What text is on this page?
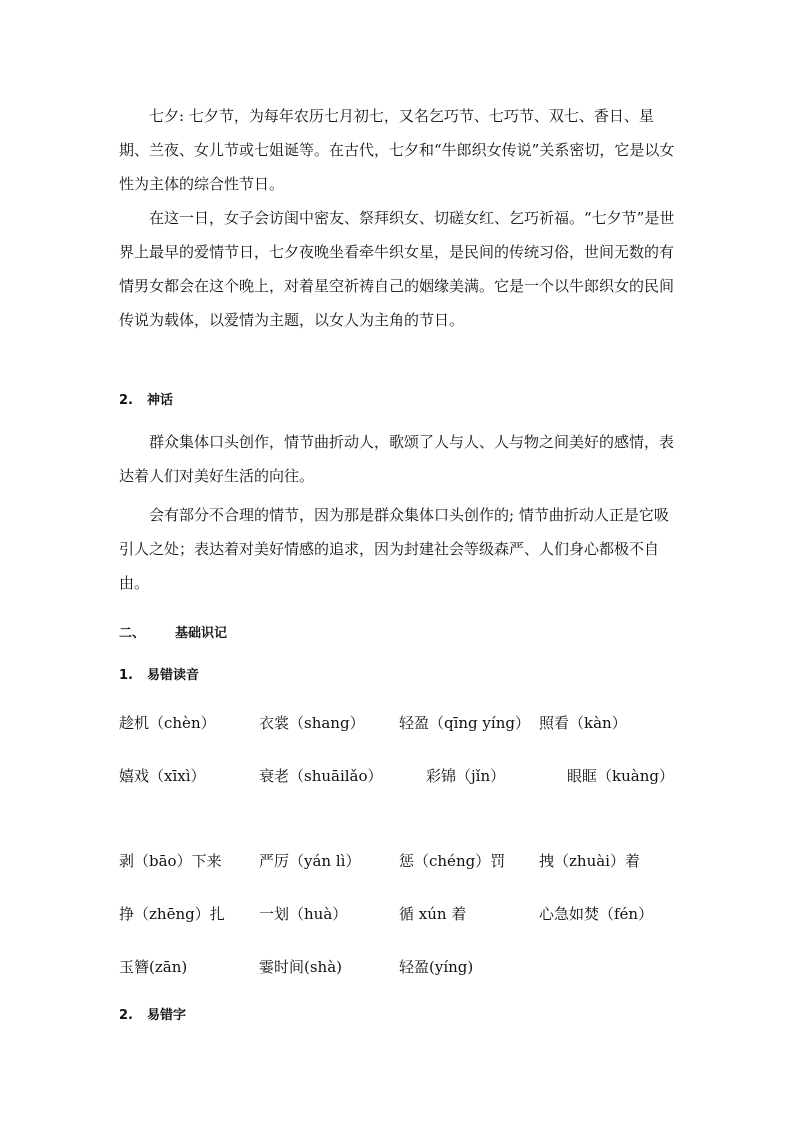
七夕: 七夕节，为每年农历七月初七，又名乞巧节、七巧节、双七、香日、星期、兰夜、女儿节或七姐诞等。在古代，七夕和“牛郎织女传说”关系密切，它是以女性为主体的综合性节日。

在这一日，女子会访闺中密友、祭拜织女、切磋女红、乞巧祈福。“七夕节”是世界上最早的爱情节日，七夕夜晚坐看牵牛织女星，是民间的传统习俗，世间无数的有情男女都会在这个晚上，对着星空祈祷自己的姻缘美满。它是一个以牛郎织女的民间传说为载体，以爱情为主题，以女人为主角的节日。

2. 神话

群众集体口头创作，情节曲折动人，歌颂了人与人、人与物之间美好的感情，表达着人们对美好生活的向往。

会有部分不合理的情节，因为那是群众集体口头创作的; 情节曲折动人正是它吸引人之处；表达着对美好情感的追求，因为封建社会等级森严、人们身心都极不自由。

二、 基础识记
1. 易错读音
趁机（chèn）	衣裳（shang） 轻盈（qīng yíng） 照看（kàn）
嬉戏（xīxì）	衰老（shuāilǎo）	彩锦（jǐn）	眼眶（kuàng）
剥（bāo）下来 严厉（yán lì）	惩（chéng）罚 拽（zhuài）着
挣（zhēng）扎 一划（huà）	循 xún 着	心急如焚（fén）
玉簪(zān)	霎时间(shà)	轻盈(yíng)
2. 易错字
